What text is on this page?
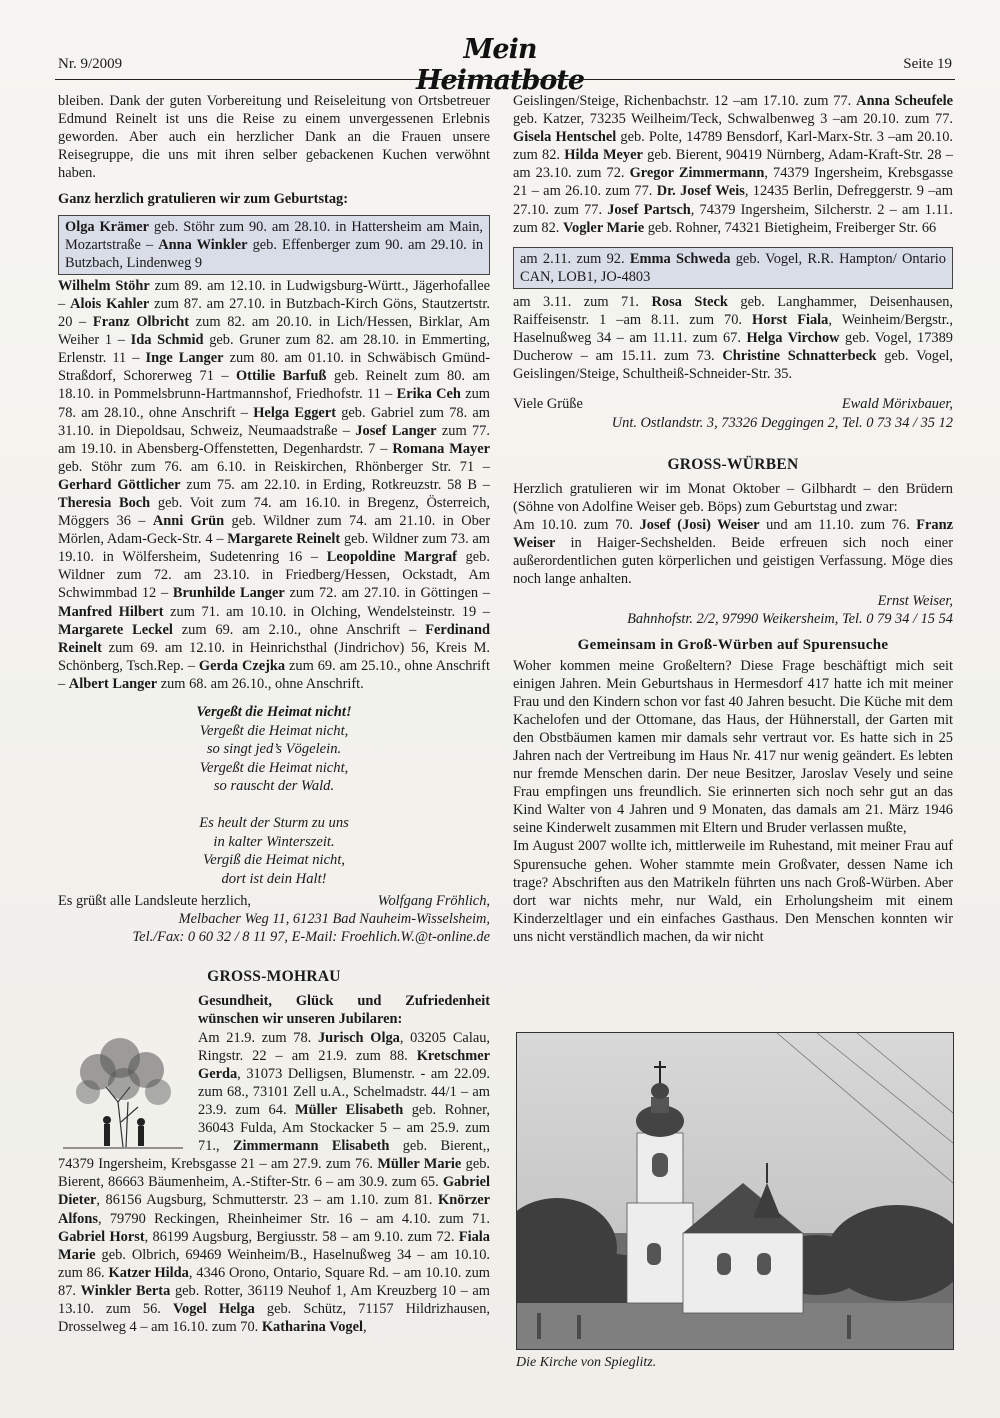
Nr. 9/2009	Mein Heimatbote
Seite 19

bleiben. Dank der guten Vorbereitung und Reiseleitung von Ortsbetreuer Edmund Reinelt ist uns die Reise zu einem unvergessenen Erlebnis geworden. Aber auch ein herzlicher Dank an die Frauen unsere Reisegruppe, die uns mit ihren selber gebackenen Kuchen verwöhnt haben.

Ganz herzlich gratulieren wir zum Geburtstag:

Olga Krämer geb. Stöhr zum 90. am 28.10. in Hattersheim am Main, Mozartstraße – Anna Winkler geb. Effenberger zum 90. am 29.10. in Butzbach, Lindenweg 9

Wilhelm Stöhr zum 89. am 12.10. in Ludwigsburg-Württ., Jägerhofallee – Alois Kahler zum 87. am 27.10. in Butzbach-Kirch Göns, Stautzertstr. 20 – Franz Olbricht zum 82. am 20.10. in Lich/Hessen, Birklar, Am Weiher 1 – Ida Schmid geb. Gruner zum 82. am 28.10. in Emmerting, Erlenstr. 11 – Inge Langer zum 80. am 01.10. in Schwäbisch Gmünd-Straßdorf, Schorerweg 71 – Ottilie Barfuß geb. Reinelt zum 80. am 18.10. in Pommelsbrunn-Hartmannshof, Friedhofstr. 11 – Erika Ceh zum 78. am 28.10., ohne Anschrift – Helga Eggert geb. Gabriel zum 78. am 31.10. in Diepoldsau, Schweiz, Neumaadstraße – Josef Langer zum 77. am 19.10. in Abensberg-Offenstetten, Degenhardstr. 7 – Romana Mayer geb. Stöhr zum 76. am 6.10. in Reiskirchen, Rhönberger Str. 71 – Gerhard Göttlicher zum 75. am 22.10. in Erding, Rotkreuzstr. 58 B – Theresia Boch geb. Voit zum 74. am 16.10. in Bregenz, Österreich, Möggers 36 – Anni Grün geb. Wildner zum 74. am 21.10. in Ober Mörlen, Adam-Geck-Str. 4 – Margarete Reinelt geb. Wildner zum 73. am 19.10. in Wölfersheim, Sudetenring 16 – Leopoldine Margraf geb. Wildner zum 72. am 23.10. in Friedberg/Hessen, Ockstadt, Am Schwimmbad 12 – Brunhilde Langer zum 72. am 27.10. in Göttingen – Manfred Hilbert zum 71. am 10.10. in Olching, Wendelsteinstr. 19 – Margarete Leckel zum 69. am 2.10., ohne Anschrift – Ferdinand Reinelt zum 69. am 12.10. in Heinrichsthal (Jindrichov) 56, Kreis M. Schönberg, Tsch.Rep. – Gerda Czejka zum 69. am 25.10., ohne Anschrift – Albert Langer zum 68. am 26.10., ohne Anschrift.

Vergeßt die Heimat nicht!
Vergeßt die Heimat nicht,
so singt jed’s Vögelein.
Vergeßt die Heimat nicht,
so rauscht der Wald.

Es heult der Sturm zu uns
in kalter Winterszeit.
Vergiß die Heimat nicht,
dort ist dein Halt!

Es grüßt alle Landsleute herzlich,	Wolfgang Fröhlich,

Melbacher Weg 11, 61231 Bad Nauheim-Wisselsheim,

Tel./Fax: 0 60 32 / 8 11 97, E-Mail: Froehlich.W.@t-online.de

GROSS-MOHRAU

Gesundheit, Glück und Zufriedenheit wünschen wir unseren Jubilaren:

Am 21.9. zum 78. Jurisch Olga, 03205 Calau, Ringstr. 22 – am 21.9. zum 88. Kretschmer Gerda, 31073 Delligsen, Blumenstr. - am 22.09. zum 68., 73101 Zell u.A., Schelmadstr. 44/1 – am 23.9. zum 64. Müller Elisabeth geb. Rohner, 36043 Fulda, Am Stockacker 5 – am 25.9. zum 71., Zimmermann Elisabeth geb. Bierent,, 74379 Ingersheim, Krebsgasse 21 – am 27.9. zum 76. Müller Marie geb. Bierent, 86663 Bäumenheim, A.-Stifter-Str. 6 – am 30.9. zum 65. Gabriel Dieter, 86156 Augsburg, Schmutterstr. 23 – am 1.10. zum 81. Knörzer Alfons, 79790 Reckingen, Rheinheimer Str. 16 – am 4.10. zum 71. Gabriel Horst, 86199 Augsburg, Bergiusstr. 58 – am 9.10. zum 72. Fiala Marie geb. Olbrich, 69469 Weinheim/B., Haselnußweg 34 – am 10.10. zum 86. Katzer Hilda, 4346 Orono, Ontario, Square Rd. – am 10.10. zum 87. Winkler Berta geb. Rotter, 36119 Neuhof 1, Am Kreuzberg 10 – am 13.10. zum 56. Vogel Helga geb. Schütz, 71157 Hildrizhausen, Drosselweg 4 – am 16.10. zum 70. Katharina Vogel,

Geislingen/Steige, Richenbachstr. 12 –am 17.10. zum 77. Anna Scheufele geb. Katzer, 73235 Weilheim/Teck, Schwalbenweg 3 –am 20.10. zum 77. Gisela Hentschel geb. Polte, 14789 Bensdorf, Karl-Marx-Str. 3 –am 20.10. zum 82. Hilda Meyer geb. Bierent, 90419 Nürnberg, Adam-Kraft-Str. 28 – am 23.10. zum 72. Gregor Zimmermann, 74379 Ingersheim, Krebsgasse 21 – am 26.10. zum 77. Dr. Josef Weis, 12435 Berlin, Defreggerstr. 9 –am 27.10. zum 77. Josef Partsch, 74379 Ingersheim, Silcherstr. 2 – am 1.11. zum 82. Vogler Marie geb. Rohner, 74321 Bietigheim, Freiberger Str. 66

am 2.11. zum 92. Emma Schweda geb. Vogel, R.R. Hampton/ Ontario CAN, LOB1, JO-4803

am 3.11. zum 71. Rosa Steck geb. Langhammer, Deisenhausen, Raiffeisenstr. 1 –am 8.11. zum 70. Horst Fiala, Weinheim/Bergstr., Haselnußweg 34 – am 11.11. zum 67. Helga Virchow geb. Vogel, 17389 Ducherow – am 15.11. zum 73. Christine Schnatterbeck geb. Vogel, Geislingen/Steige, Schultheiß-Schneider-Str. 35.

Viele Grüße	Ewald Mörixbauer,

Unt. Ostlandstr. 3, 73326 Deggingen 2, Tel. 0 73 34 / 35 12

GROSS-WÜRBEN

Herzlich gratulieren wir im Monat Oktober – Gilbhardt – den Brüdern (Söhne von Adolfine Weiser geb. Böps) zum Geburtstag und zwar:
Am 10.10. zum 70. Josef (Josi) Weiser und am 11.10. zum 76. Franz Weiser in Haiger-Sechshelden. Beide erfreuen sich noch einer außerordentlichen guten körperlichen und geistigen Verfassung. Möge dies noch lange anhalten.

Ernst Weiser,

Bahnhofstr. 2/2, 97990 Weikersheim, Tel. 0 79 34 / 15 54

Gemeinsam in Groß-Würben auf Spurensuche

Woher kommen meine Großeltern? Diese Frage beschäftigt mich seit einigen Jahren. Mein Geburtshaus in Hermesdorf 417 hatte ich mit meiner Frau und den Kindern schon vor fast 40 Jahren besucht. Die Küche mit dem Kachelofen und der Ottomane, das Haus, der Hühnerstall, der Garten mit den Obstbäumen kamen mir damals sehr vertraut vor. Es hatte sich in 25 Jahren nach der Vertreibung im Haus Nr. 417 nur wenig geändert. Es lebten nur fremde Menschen darin. Der neue Besitzer, Jaroslav Vesely und seine Frau empfingen uns freundlich. Sie erinnerten sich noch sehr gut an das Kind Walter von 4 Jahren und 9 Monaten, das damals am 21. März 1946 seine Kinderwelt zusammen mit Eltern und Bruder verlassen mußte,

Im August 2007 wollte ich, mittlerweile im Ruhestand, mit meiner Frau auf Spurensuche gehen. Woher stammte mein Großvater, dessen Name ich trage? Abschriften aus den Matrikeln führten uns nach Groß-Würben. Aber dort war nichts mehr, nur Wald, ein Erholungsheim mit einem Kinderzeltlager und ein einfaches Gasthaus. Den Menschen konnten wir uns nicht verständlich machen, da wir nicht

Die Kirche von Spieglitz.
